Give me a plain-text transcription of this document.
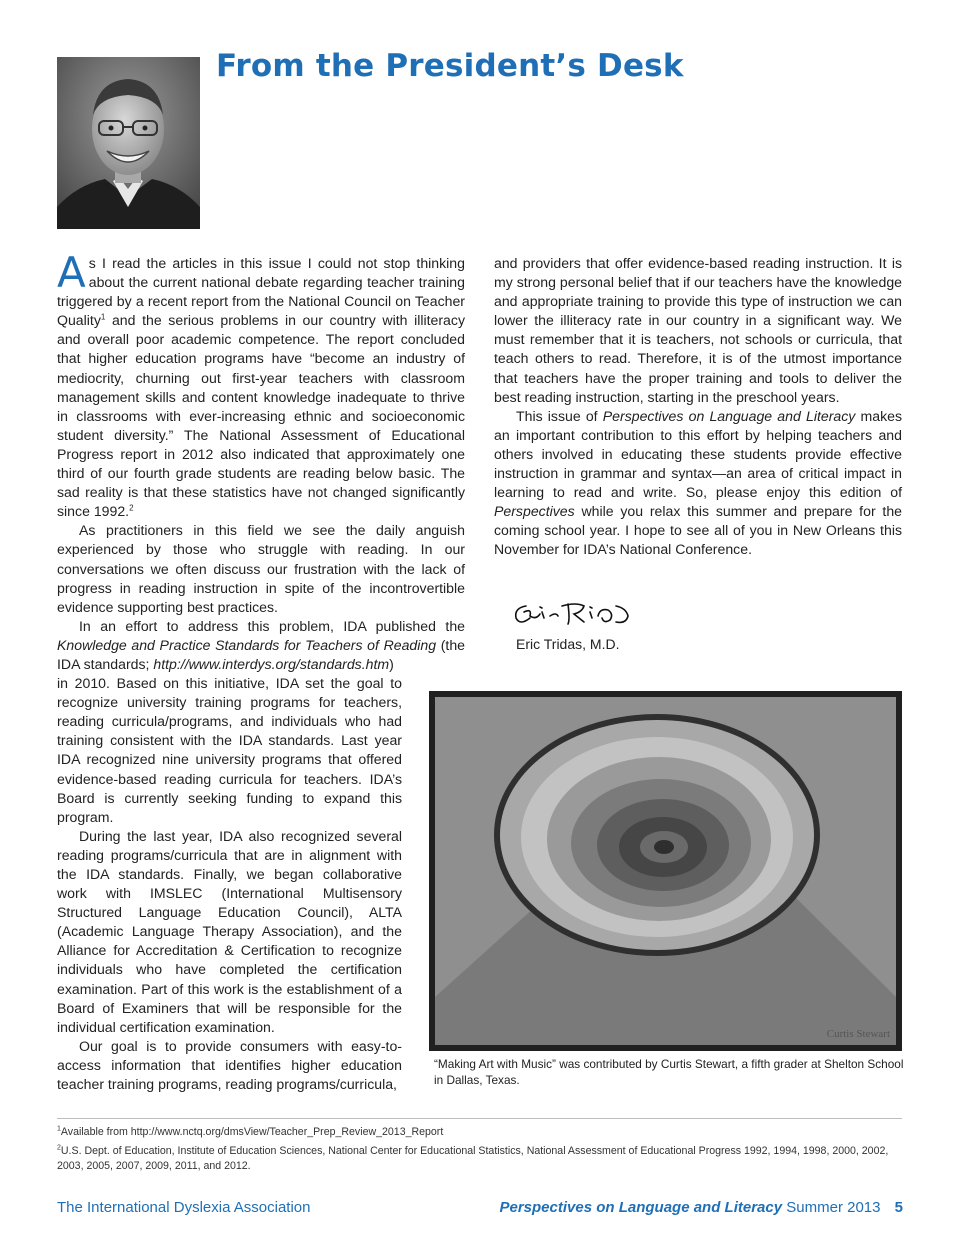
From the President’s Desk

As I read the articles in this issue I could not stop thinking about the current national debate regarding teacher training triggered by a recent report from the National Council on Teacher Quality$^1$ and the serious problems in our country with illiteracy and overall poor academic competence. The report concluded that higher education programs have “become an industry of mediocrity, churning out first-year teachers with classroom management skills and content knowledge inadequate to thrive in classrooms with ever-increasing ethnic and socioeconomic student diversity.” The National Assessment of Educational Progress report in 2012 also indicated that approximately one third of our fourth grade students are reading below basic. The sad reality is that these statistics have not changed significantly since 1992.$^2$

As practitioners in this field we see the daily anguish experienced by those who struggle with reading. In our conversations we often discuss our frustration with the lack of progress in reading instruction in spite of the incontrovertible evidence supporting best practices.

In an effort to address this problem, IDA published the Knowledge and Practice Standards for Teachers of Reading (the IDA standards; http://www.interdys.org/standards.htm)

in 2010. Based on this initiative, IDA set the goal to recognize university training programs for teachers, reading curricula/programs, and individuals who had training consistent with the IDA standards. Last year IDA recognized nine university programs that offered evidence-based reading curricula for teachers. IDA’s Board is currently seeking funding to expand this program.

During the last year, IDA also recognized several reading programs/curricula that are in alignment with the IDA standards. Finally, we began collaborative work with IMSLEC (International Multisensory Structured Language Education Council), ALTA (Academic Language Therapy Association), and the Alliance for Accreditation & Certification to recognize individuals who have completed the certification examination. Part of this work is the establishment of a Board of Examiners that will be responsible for the individual certification examination.

Our goal is to provide consumers with easy-to-access information that identifies higher education teacher training programs, reading programs/curricula,

and providers that offer evidence-based reading instruction. It is my strong personal belief that if our teachers have the knowledge and appropriate training to provide this type of instruction we can lower the illiteracy rate in our country in a significant way. We must remember that it is teachers, not schools or curricula, that teach others to read. Therefore, it is of the utmost importance that teachers have the proper training and tools to deliver the best reading instruction, starting in the preschool years.

This issue of Perspectives on Language and Literacy makes an important contribution to this effort by helping teachers and others involved in educating these students provide effective instruction in grammar and syntax—an area of critical impact in learning to read and write. So, please enjoy this edition of Perspectives while you relax this summer and prepare for the coming school year. I hope to see all of you in New Orleans this November for IDA’s National Conference.

Eric Tridas, M.D.
Curtis Stewart
“Making Art with Music” was contributed by Curtis Stewart, a fifth grader at Shelton School in Dallas, Texas.
$^1$Available from http://www.nctq.org/dmsView/Teacher_Prep_Review_2013_Report
$^2$U.S. Dept. of Education, Institute of Education Sciences, National Center for Educational Statistics, National Assessment of Educational Progress 1992, 1994, 1998, 2000, 2002, 2003, 2005, 2007, 2009, 2011, and 2012.
The International Dyslexia Association	Perspectives on Language and Literacy Summer 2013 5
